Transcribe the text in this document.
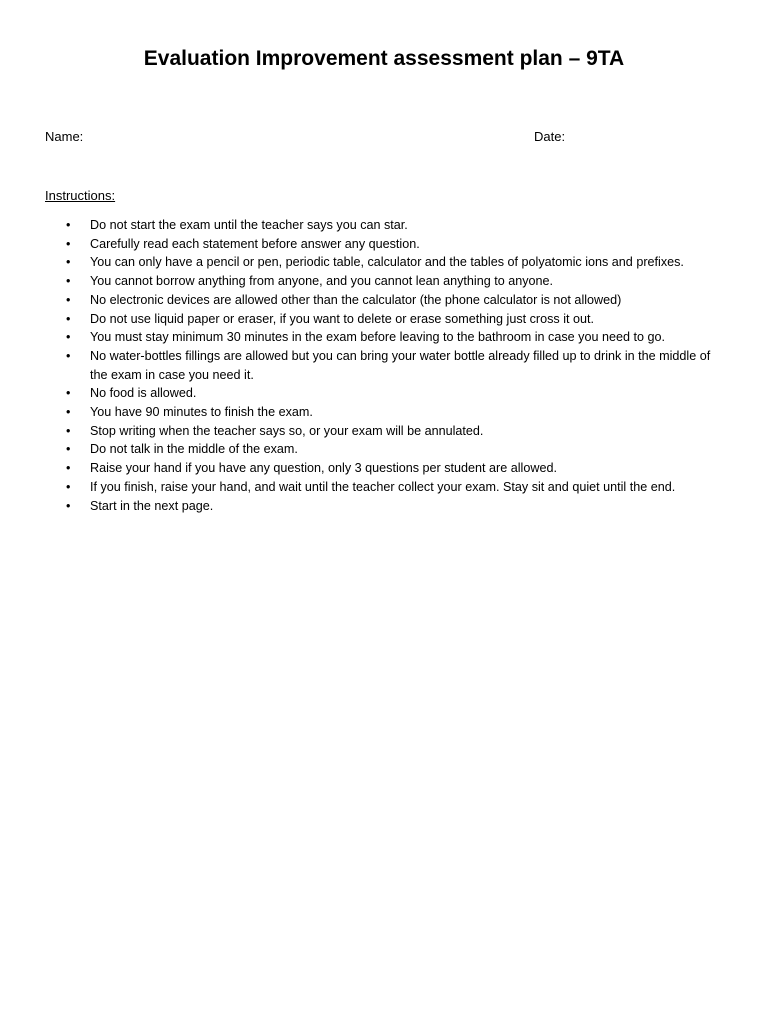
Evaluation Improvement assessment plan – 9TA

Name:	Date:

Instructions:

• Do not start the exam until the teacher says you can star.
• Carefully read each statement before answer any question.
• You can only have a pencil or pen, periodic table, calculator and the tables of polyatomic ions and prefixes.
• You cannot borrow anything from anyone, and you cannot lean anything to anyone.
• No electronic devices are allowed other than the calculator (the phone calculator is not allowed)
• Do not use liquid paper or eraser, if you want to delete or erase something just cross it out.
• You must stay minimum 30 minutes in the exam before leaving to the bathroom in case you need to go.
• No water-bottles fillings are allowed but you can bring your water bottle already filled up to drink in the middle of the exam in case you need it.
• No food is allowed.
• You have 90 minutes to finish the exam.
• Stop writing when the teacher says so, or your exam will be annulated.
• Do not talk in the middle of the exam.
• Raise your hand if you have any question, only 3 questions per student are allowed.
• If you finish, raise your hand, and wait until the teacher collect your exam. Stay sit and quiet until the end.
• Start in the next page.
